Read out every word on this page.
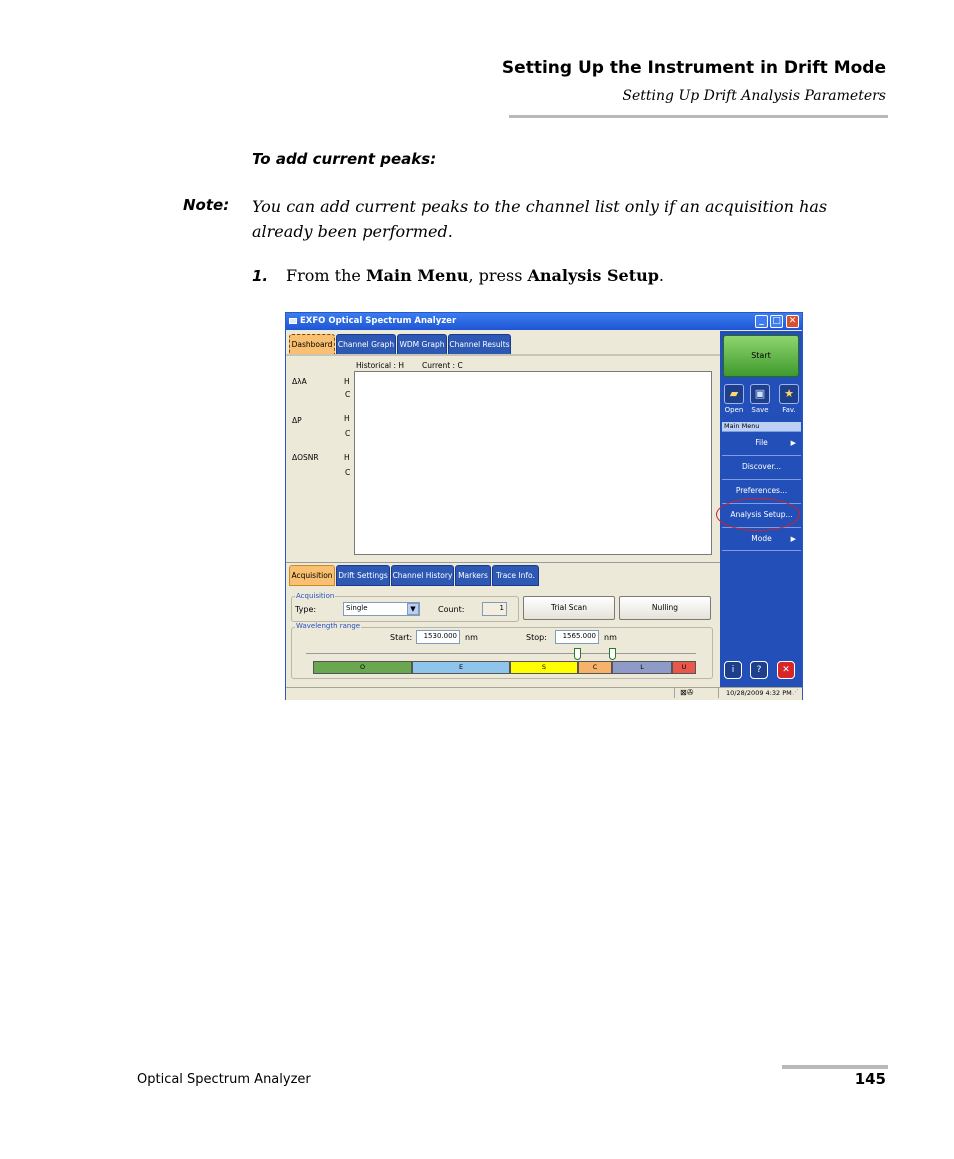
Setting Up the Instrument in Drift Mode
Setting Up Drift Analysis Parameters
To add current peaks:
Note: You can add current peaks to the channel list only if an acquisition has already been performed.
1. From the Main Menu, press Analysis Setup.
EXFO Optical Spectrum Analyzer	_ □ ✕
Dashboard Channel Graph WDM Graph Channel Results
Historical : H Current : C
ΔλA	H
C
ΔP	H
C
ΔOSNR	H
C
Start
▰	▣	★
Open	Save	Fav.
Main Menu
File	▶
Discover...
Preferences...
Analysis Setup...
Mode	▶
i	?	✕
Acquisition Drift Settings Channel History Markers	Trace Info.
Acquisition
Type:	Single	▼	Count:	1	Trial Scan	Nulling
Wavelength range
Start:	1530.000	nm	Stop:	1565.000	nm
O	E	S	C	L	U
⊠✇	10/28/2009 4:32 PM ⋰
Optical Spectrum Analyzer	145
